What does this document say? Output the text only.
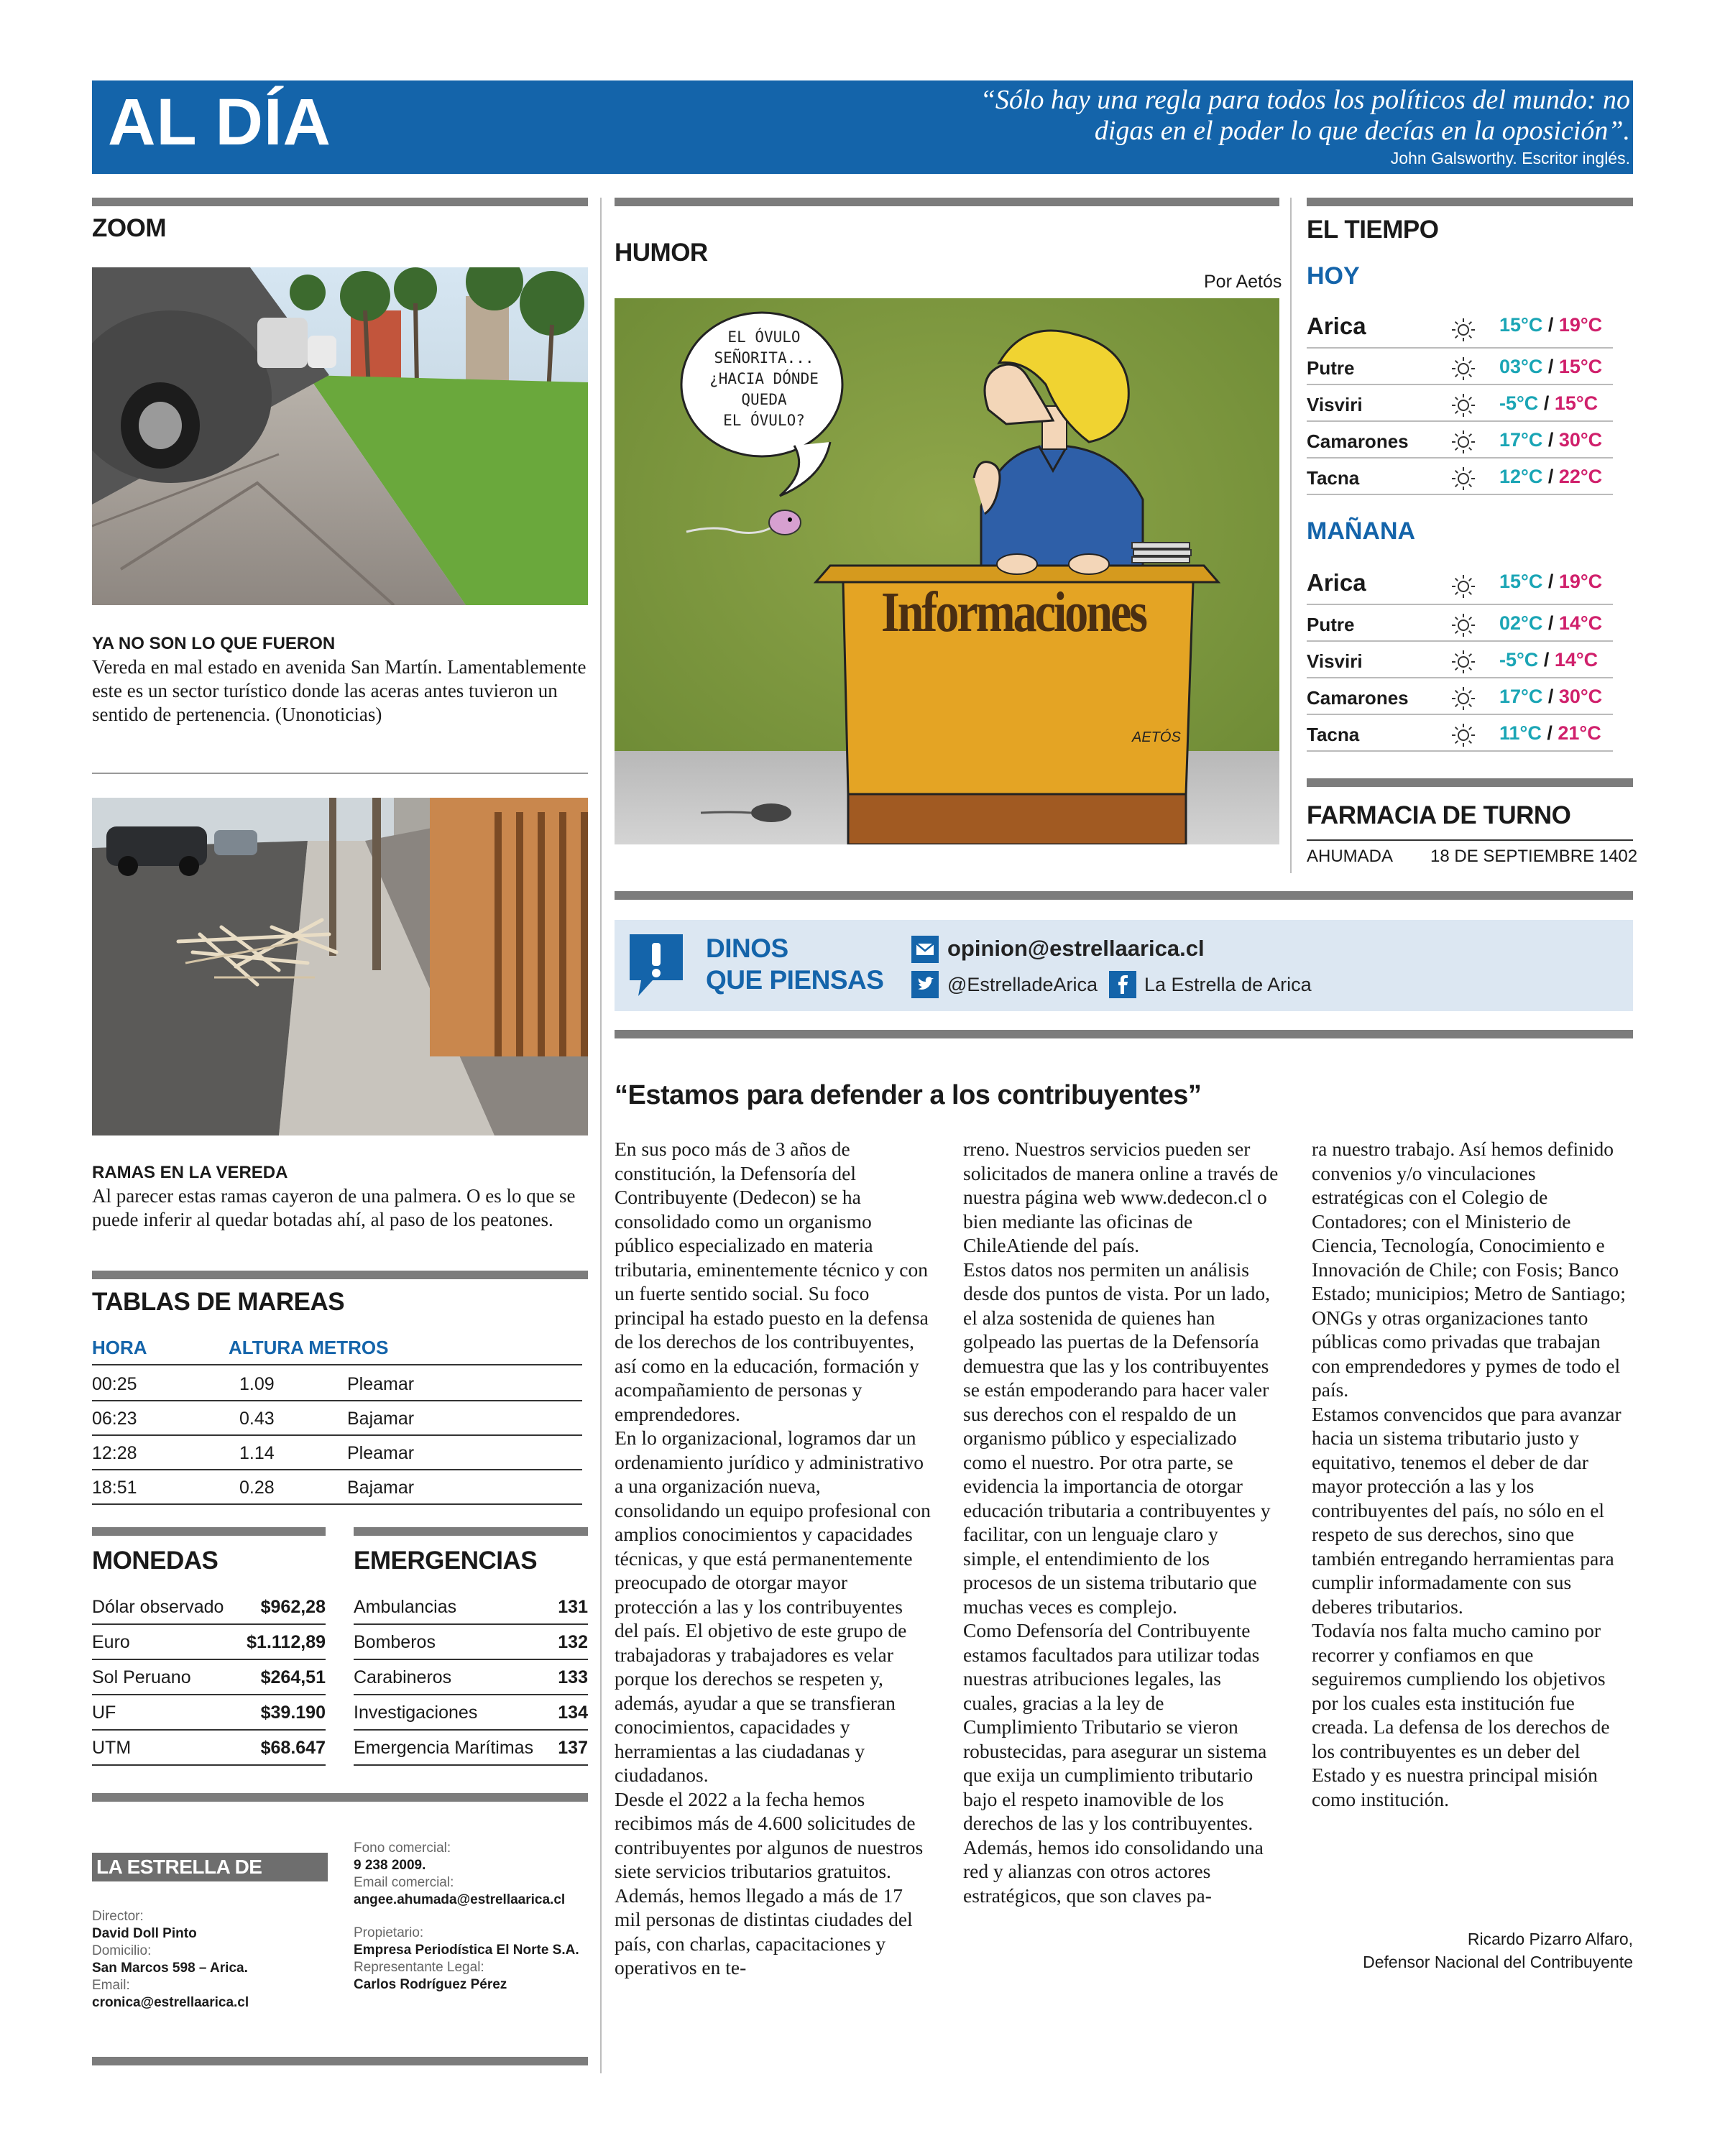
AL DÍA	“Sólo hay una regla para todos los políticos del mundo: no
digas en el poder lo que decías en la oposición”.
John Galsworthy. Escritor inglés.
ZOOM
YA NO SON LO QUE FUERON
Vereda en mal estado en avenida San Martín. Lamentablemente este es un sector turístico donde las aceras antes tuvieron un sentido de pertenencia. (Unonoticias)
RAMAS EN LA VEREDA
Al parecer estas ramas cayeron de una palmera. O es lo que se puede inferir al quedar botadas ahí, al paso de los peatones.
TABLAS DE MAREAS
HORA	ALTURA METROS
00:25	1.09	Pleamar
06:23	0.43	Bajamar
12:28	1.14	Pleamar
18:51	0.28	Bajamar
MONEDAS
Dólar observado $962,28
Euro	$1.112,89
Sol Peruano	$264,51
UF	$39.190
UTM	$68.647
EMERGENCIAS
Ambulancias	131
Bomberos	132
Carabineros	133
Investigaciones	134
Emergencia Marítimas 137
LA ESTRELLA DE ARICA
Director:
David Doll Pinto
Domicilio:
San Marcos 598 – Arica.
Email:
cronica@estrellaarica.cl
Fono comercial:
9 238 2009.
Email comercial:
angee.ahumada@estrellaarica.cl
Propietario:
Empresa Periodística El Norte S.A.
Representante Legal:
Carlos Rodríguez Pérez
HUMOR
Por Aetós
EL ÓVULO
SEÑORITA...
¿HACIA DÓNDE
QUEDA
EL ÓVULO?
Informaciones
AETÓS
EL TIEMPO
HOY
Arica	15°C / 19°C
Putre	03°C / 15°C
Visviri	-5°C / 15°C
Camarones	17°C / 30°C
Tacna	12°C / 22°C
MAÑANA
Arica	15°C / 19°C
Putre	02°C / 14°C
Visviri	-5°C / 14°C
Camarones	17°C / 30°C
Tacna	11°C / 21°C
FARMACIA DE TURNO
AHUMADA 18 DE SEPTIEMBRE 1402
DINOS
QUE PIENSAS
opinion@estrellaarica.cl
@EstrelladeArica La Estrella de Arica
“Estamos para defender a los contribuyentes”

En sus poco más de 3 años de constitución, la Defensoría del Contribuyente (Dedecon) se ha consolidado como un organismo público especializado en materia tributaria, eminentemente técnico y con un fuerte sentido social. Su foco principal ha estado puesto en la defensa de los derechos de los contribuyentes, así como en la educación, formación y acompañamiento de personas y emprendedores.

En lo organizacional, logramos dar un ordenamiento jurídico y administrativo a una organización nueva, consolidando un equipo profesional con amplios conocimientos y capacidades técnicas, y que está permanentemente preocupado de otorgar mayor protección a las y los contribuyentes del país. El objetivo de este grupo de trabajadoras y trabajadores es velar porque los derechos se respeten y, además, ayudar a que se transfieran conocimientos, capacidades y herramientas a las ciudadanas y ciudadanos.

Desde el 2022 a la fecha hemos recibimos más de 4.600 solicitudes de contribuyentes por algunos de nuestros siete servicios tributarios gratuitos. Además, hemos llegado a más de 17 mil personas de distintas ciudades del país, con charlas, capacitaciones y operativos en te-

rreno. Nuestros servicios pueden ser solicitados de manera online a través de nuestra página web www.dedecon.cl o bien mediante las oficinas de ChileAtiende del país.

Estos datos nos permiten un análisis desde dos puntos de vista. Por un lado, el alza sostenida de quienes han golpeado las puertas de la Defensoría demuestra que las y los contribuyentes se están empoderando para hacer valer sus derechos con el respaldo de un organismo público y especializado como el nuestro. Por otra parte, se evidencia la importancia de otorgar educación tributaria a contribuyentes y facilitar, con un lenguaje claro y simple, el entendimiento de los procesos de un sistema tributario que muchas veces es complejo.

Como Defensoría del Contribuyente estamos facultados para utilizar todas nuestras atribuciones legales, las cuales, gracias a la ley de Cumplimiento Tributario se vieron robustecidas, para asegurar un sistema que exija un cumplimiento tributario bajo el respeto inamovible de los derechos de las y los contribuyentes.

Además, hemos ido consolidando una red y alianzas con otros actores estratégicos, que son claves pa-

ra nuestro trabajo. Así hemos definido convenios y/o vinculaciones estratégicas con el Colegio de Contadores; con el Ministerio de Ciencia, Tecnología, Conocimiento e Innovación de Chile; con Fosis; Banco Estado; municipios; Metro de Santiago; ONGs y otras organizaciones tanto públicas como privadas que trabajan con emprendedores y pymes de todo el país.

Estamos convencidos que para avanzar hacia un sistema tributario justo y equitativo, tenemos el deber de dar mayor protección a las y los contribuyentes del país, no sólo en el respeto de sus derechos, sino que también entregando herramientas para cumplir informadamente con sus deberes tributarios.

Todavía nos falta mucho camino por recorrer y confiamos en que seguiremos cumpliendo los objetivos por los cuales esta institución fue creada. La defensa de los derechos de los contribuyentes es un deber del Estado y es nuestra principal misión como institución.

Ricardo Pizarro Alfaro,
Defensor Nacional del Contribuyente
